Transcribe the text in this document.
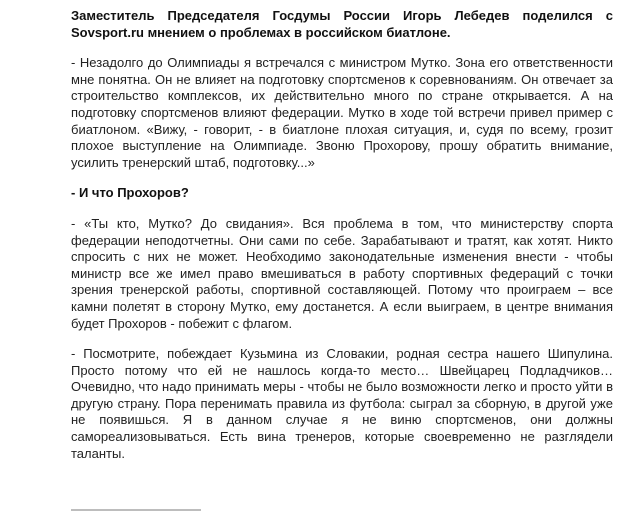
Заместитель Председателя Госдумы России Игорь Лебедев поделился с Sovsport.ru мнением о проблемах в российском биатлоне.

- Незадолго до Олимпиады я встречался с министром Мутко. Зона его ответственности мне понятна. Он не влияет на подготовку спортсменов к соревнованиям. Он отвечает за строительство комплексов, их действительно много по стране открывается. А на подготовку спортсменов влияют федерации. Мутко в ходе той встречи привел пример с биатлоном. «Вижу, - говорит, - в биатлоне плохая ситуация, и, судя по всему, грозит плохое выступление на Олимпиаде. Звоню Прохорову, прошу обратить внимание, усилить тренерский штаб, подготовку...»

- И что Прохоров?

- «Ты кто, Мутко? До свидания». Вся проблема в том, что министерству спорта федерации неподотчетны. Они сами по себе. Зарабатывают и тратят, как хотят. Никто спросить с них не может. Необходимо законодательные изменения внести - чтобы министр все же имел право вмешиваться в работу спортивных федераций с точки зрения тренерской работы, спортивной составляющей. Потому что проиграем – все камни полетят в сторону Мутко, ему достанется. А если выиграем, в центре внимания будет Прохоров - побежит с флагом.

- Посмотрите, побеждает Кузьмина из Словакии, родная сестра нашего Шипулина. Просто потому что ей не нашлось когда-то место… Швейцарец Подладчиков… Очевидно, что надо принимать меры - чтобы не было возможности легко и просто уйти в другую страну. Пора перенимать правила из футбола: сыграл за сборную, в другой уже не появишься. Я в данном случае я не виню спортсменов, они должны самореализовываться. Есть вина тренеров, которые своевременно не разглядели таланты.
